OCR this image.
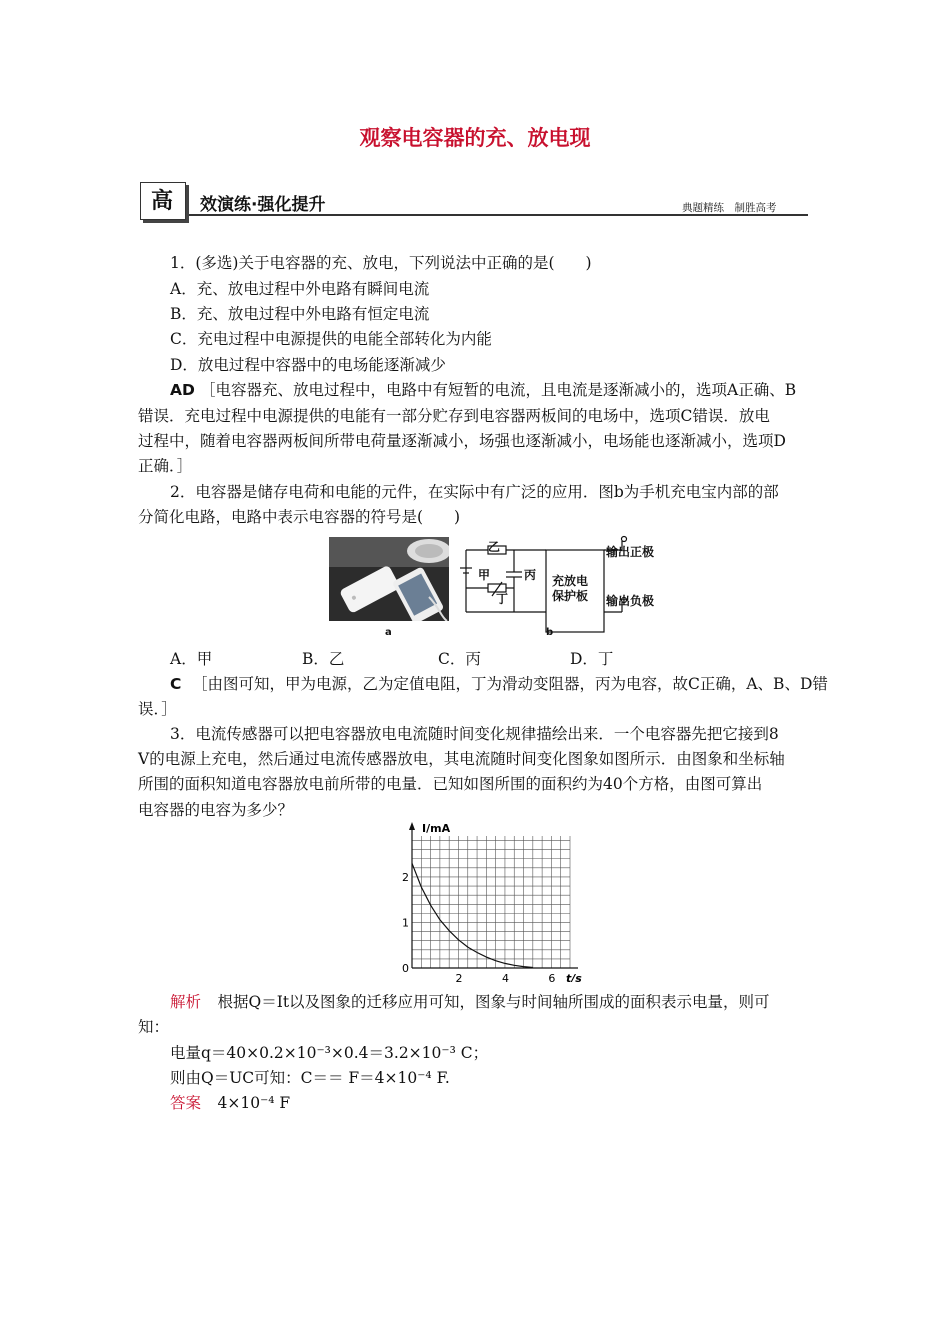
观察电容器的充、放电现
高	效演练·强化提升	典题精练　制胜高考
1．(多选)关于电容器的充、放电，下列说法中正确的是(　　)
A．充、放电过程中外电路有瞬间电流
B．充、放电过程中外电路有恒定电流
C．充电过程中电源提供的电能全部转化为内能
D．放电过程中容器中的电场能逐渐减少
AD ［电容器充、放电过程中，电路中有短暂的电流，且电流是逐渐减小的，选项A正确、B
错误．充电过程中电源提供的电能有一部分贮存到电容器两板间的电场中，选项C错误．放电
过程中，随着电容器两板间所带电荷量逐渐减小，场强也逐渐减小，电场能也逐渐减小，选项D
正确．］
2．电容器是储存电荷和电能的元件，在实际中有广泛的应用．图b为手机充电宝内部的部
分简化电路，电路中表示电容器的符号是(　　)
a
乙
甲	丙
丁
充放电
保护板
输出正极
输出负极
b
A．甲	B．乙	C．丙	D．丁
C ［由图可知，甲为电源，乙为定值电阻，丁为滑动变阻器，丙为电容，故C正确，A、B、D错
误．］
3．电流传感器可以把电容器放电电流随时间变化规律描绘出来．一个电容器先把它接到8
V的电源上充电，然后通过电流传感器放电，其电流随时间变化图象如图所示．由图象和坐标轴
所围的面积知道电容器放电前所带的电量．已知如图所围的面积约为40个方格，由图可算出
电容器的电容为多少？
I/mA
t/s
0
1
2
2	4	6
解析 　根据Q＝It以及图象的迁移应用可知，图象与时间轴所围成的面积表示电量，则可
知：
电量q＝40×0.2×10⁻³×0.4＝3.2×10⁻³ C；
则由Q＝UC可知：C＝＝ F＝4×10⁻⁴ F.
答案 　4×10⁻⁴ F
